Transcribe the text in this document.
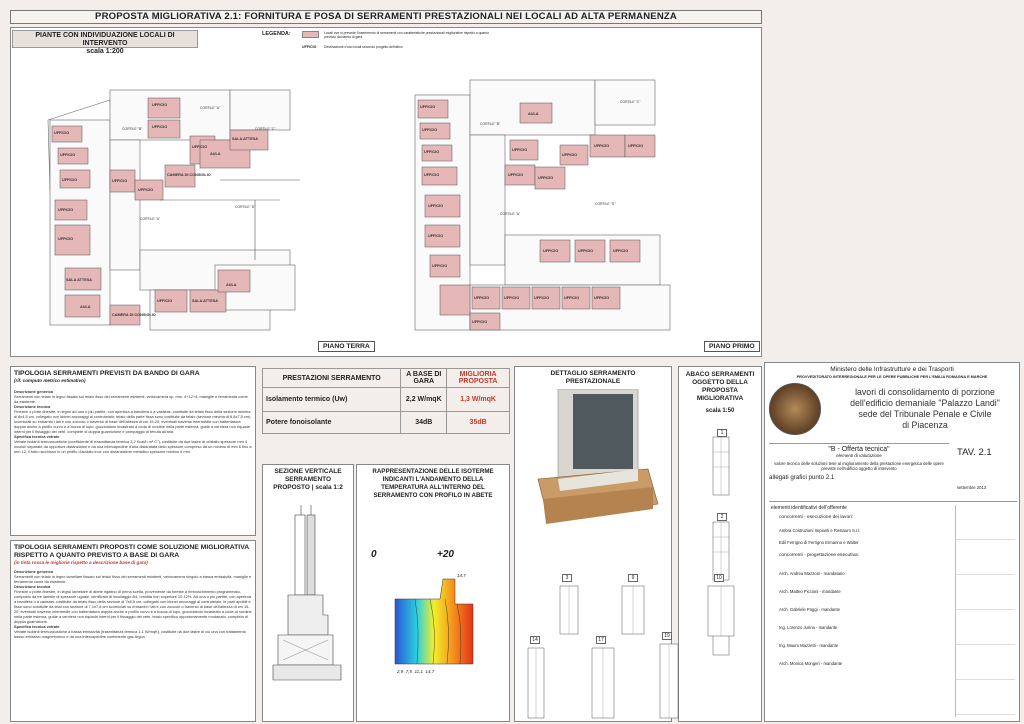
PROPOSTA MIGLIORATIVA 2.1: FORNITURA E POSA DI SERRAMENTI PRESTAZIONALI NEI LOCALI AD ALTA PERMANENZA
PIANTE CON INDIVIDUAZIONE LOCALI DI INTERVENTO
scala 1:200
LEGENDA:	Locali ove si prevede l'inserimento di serramenti con caratteristiche prestazionali migliorative rispetto a quanto previsto da bando di gara
UFFICIO Destinazione d'uso locali secondo progetto definitivo
UFFICIO
UFFICIO
UFFICIO
UFFICIO
UFFICIO
UFFICIO
UFFICIO
SALA ATTESA
AULA
UFFICIO
UFFICIO
CAMERA DI CONSIGLIO
UFFICIO
AULA
SALA ATTESA
UFFICIO	SALA ATTESA
AULA
CAMERA DI CONSIGLIO
CORTILE "B"
CORTILE "A"
CORTILE "C"
CORTILE "A"
CORTILE "D"
PIANO TERRA
UFFICIO
UFFICIO
UFFICIO
UFFICIO
UFFICIO
UFFICIO
UFFICIO
AULA
UFFICIO
UFFICIO
UFFICIO
UFFICIO
UFFICIO	UFFICIO
UFFICIO	UFFICIO	UFFICIO
UFFICIO	UFFICIO	UFFICIO	UFFICIO	UFFICIO
UFFICIO
CORTILE "B"
CORTILE "C"
CORTILE "A"
CORTILE "D"
PIANO PRIMO
TIPOLOGIA SERRAMENTI PREVISTI DA BANDO DI GARA
(rif. computo metrico estimativo)
Descrizione generica
Serramenti con telaio in legno fissato sul telaio fisso dei serramenti esistenti, vetrocamera sp. mm. 4+12+4, maniglie e ferramenta come da esistente.
Descrizione tecnica
Finestre o porte-finestre, in legno ad uno o più partite, con apertura a bandiera o a vasistas, costituite da telaio fisso della sezione minima di 8x4,5 cm, collegato con idonei ancoraggi al controtelaio; telaio della parte fissa sono costituite da telaio (sezione minima di 6,8x7,5 cm) scorniciati su entrambi i lati e con zoccolo o traverso di base dell'altezza di cm 15-20; eventuali traverse intermedie con battentatura doppia anche a profilo curvo e a bocca di lupo, gocciolatoio incastrato a coda di rondine nella parte esterna, guide a cerniera non riquadri interni per il fissaggio dei vetri, complete di doppia guarnizione e pompaggio di tenuta all'aria.
Specifica tecnica vetrate
Vetrate isolanti termoacustiche (coefficiente di trasmittanza termica 3,2 Kcal/h m² C°), costituite da due lastre di cristallo spessore mm 4 incolori separate da opportuni distanziatori e da una intercapedine d'aria disidratata dello spessore compreso da un minimo di mm 6 fino a mm 12, il tutto racchiuso in un profilo d'acciaio inox con distanziatore metallico spessore minimo 6 mm.
TIPOLOGIA SERRAMENTI PROPOSTI COME SOLUZIONE MIGLIORATIVA RISPETTO A QUANTO PREVISTO A BASE DI GARA
(in tinta rossa le migliorie rispetto a descrizione base di gara)
Descrizione generica
Serramenti con telaio in legno lamellare fissato sul telaio fisso dei serramenti esistenti, vetrocamera singolo a bassa emissività, maniglie e ferramenta come da esistente.
Descrizione tecnica
Finestre o porte-finestre, in legno lamellare di abete rigatino di prima scelta, proveniente da foreste a rimboschimento programmato, composto da tre lamelle di spessore uguale, certificato di incollaggio B4, umidità non superiore 10-12%. Ad una o più partite, con apertura a bandiera o a vasistas, costituite da telaio fisso della sezione di 7x8,5 cm, collegato con idonei ancoraggi al controtelaio; le parti apribili e fisse sono costituite da telai con sezione di 7,1x7,8 cm scorniciati su entrambi i lati e con zoccolo o traverso di base dell'altezza di cm 15-20; eventuali traverse intermedie con battentatura doppia anche a profilo curvo e a bocca di lupo, gocciolatoio incastrato a coda di rondine nella parte esterna, guide a cerniera non riquadri interni per il fissaggio dei vetri, telaio specifico opportunamente modanato, completa di doppia guarnizione.
Specifica tecnica vetrate
Vetrate isolanti termoacustiche a bassa emissività (trasmittanza termica 1,1 W/mqK), costituite da due lastre di cui una con trattamento basso emissivo magnetronico e da una intercapedine contenente gas Argon.
PRESTAZIONI SERRAMENTO	A BASE DI GARA	MIGLIORIA PROPOSTA
Isolamento termico (Uw)	2,2 W/mqK	1,3 W/mqK
Potere fonoisolante	34dB	35dB
SEZIONE VERTICALE SERRAMENTO PROPOSTO | scala 1:2
RAPPRESENTAZIONE DELLE ISOTERME INDICANTI L'ANDAMENTO DELLA TEMPERATURA ALL'INTERNO DEL SERRAMENTO CON PROFILO IN ABETE
0	+20
14,7
2,9  7,5  11,1  14,7
DETTAGLIO SERRAMENTO PRESTAZIONALE
ABACO SERRAMENTI OGGETTO DELLA PROPOSTA MIGLIORATIVA
scala 1:50
1
2
3	9	10
14	17
19
Ministero delle Infrastrutture e dei Trasporti
PROVVEDITORATO INTERREGIONALE PER LE OPERE PUBBLICHE PER L'EMILIA ROMAGNA E MARCHE
lavori di consolidamento di porzione
dell'edificio demaniale "Palazzo Landi"
sede del Tribunale Penale e Civile
di Piacenza
"B - Offerta tecnica"
elementi di valutazione
valore tecnico delle soluzioni tese al miglioramento della prestazione energetica delle opere previste nell'edificio oggetto di intervento
allegati grafici punto 2.1
TAV. 2.1
settembre 2013
elementi identificativi dell'offerente
concorrenti - esecuzione dei lavori:
Ambra Costruzioni Impianti e Restauro S.r.l.
Edil Ferrigno di Ferrigno Ermanno e Walter
concorrenti - progettazione esecutiva:
Arch. Andrea Mazzoni - mandatario
Arch. Matteo Piccioni - mandante
Arch. Gabriele Poggi - mandante
Ing. Lorenzo Jurina - mandante
Ing. Mauro Mazzetti - mandante
Arch. Monica Mongeri - mandante
